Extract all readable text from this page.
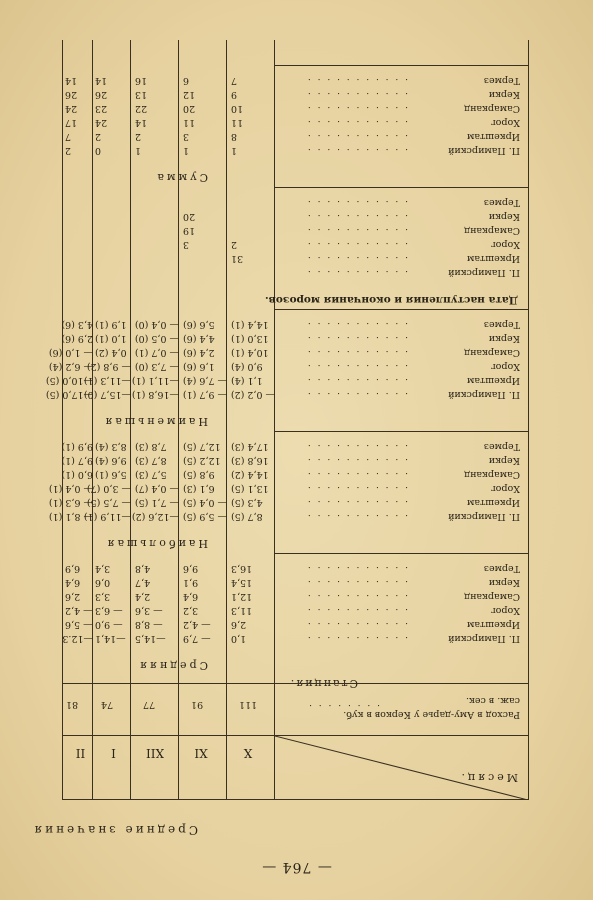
— 764 —
Средние значения
Станция.
Месяц.
X
XI
XII
I
II
Расход в Аму-дарье у Керков в куб.
саж. в сек.
111
91
77
74
81	. . . . . . . .
Средняя
П. Памирский
. . . . . . . . . . .
1,0
— 7,9
—14,5
—14,1
—12.3
Иркештам
. . . . . . . . . . .
2,6
— 4,2
— 8,8
— 9,0
— 5,6
Хорог
. . . . . . . . . . .
11,3
3,2
— 3,6
— 6,3
— 4,2
Самарканд
. . . . . . . . . . .
12,1
6,4
2,4
3,3
2,6
Керки
. . . . . . . . . . .
15,4
9,1
4,7
0,6
6,4
Термез
. . . . . . . . . . .
16,3
9,6
4,8
3,4
6,9
Наибольшая
П. Памирский
. . . . . . . . . . .
8,7 (5)
— 5,9 (5)
—12,6 (2)
—11,9 (1)
— 8,1 (1)
Иркештам
. . . . . . . . . . .
4,3 (5)
— 0,4 (5)
— 7,1 (5)
— 7,5 (5)
— 6,3 (1)
Хорог
. . . . . . . . . . .
13,1 (5)
6,1 (3)
— 0,4 (7)
— 3,0 (7)
— 0,4 (1)
Самарканд
. . . . . . . . . . .
14,4 (2)
9,8 (5)
5,7 (3)
5,6 (1)
6,0 (1)
Керки
. . . . . . . . . . .
16,8 (3)
12,2 (5)
8,7 (3)
9,6 (4)
9,7 (1)
Термез
. . . . . . . . . . .
17,4 (3)
12,7 (5)
7,8 (3)
8,3 (4)
9,9 (1)
Наименьшая
П. Памирский
. . . . . . . . . . .
— 0,2 (2)
— 9,7 (1)
—16,8 (1)
—15,7 (0)
—17,0 (5)
Иркештам
. . . . . . . . . . .
1,1 (4)
— 7,6 (4)
—11,1 (1)
—11,3 (1)
—10,0 (5)
Хорог
. . . . . . . . . . .
9,0 (4)
1,6 (6)
— 7,3 (0)
— 9,8 (2)
— 6,2 (4)
Самарканд
. . . . . . . . . . .
10,4 (1)
2,4 (6)
— 0,7 (1)
0,4 (2)
— 1,0 (6)
Керки
. . . . . . . . . . .
13,0 (1)
4,4 (6)
— 0,5 (0)
1,0 (1)
2,9 (6)
Термез
. . . . . . . . . . .
14,4 (1)
5,6 (6)
— 0,4 (0)
1,9 (1)
4,3 (6)
Дата наступления и окончания морозов.
П. Памирский
. . . . . . . . . . .
Иркештам
. . . . . . . . . . .
31
Хорог
. . . . . . . . . . .
3
Самарканд
. . . . . . . . . . .
19
Керки
. . . . . . . . . . .
20
Термез
. . . . . . . . . . .
2
Сумма
П. Памирский
. . . . . . . . . . .
1
1
1
0
2
Иркештам
. . . . . . . . . . .
8
3
2
2
7
Хорог
. . . . . . . . . . .
11
11
14
24
17
Самарканд
. . . . . . . . . . .
10
20
22
23
24
Керки
. . . . . . . . . . .
9
12
13
26
26
Термез
. . . . . . . . . . .
7
6
16
14
14
